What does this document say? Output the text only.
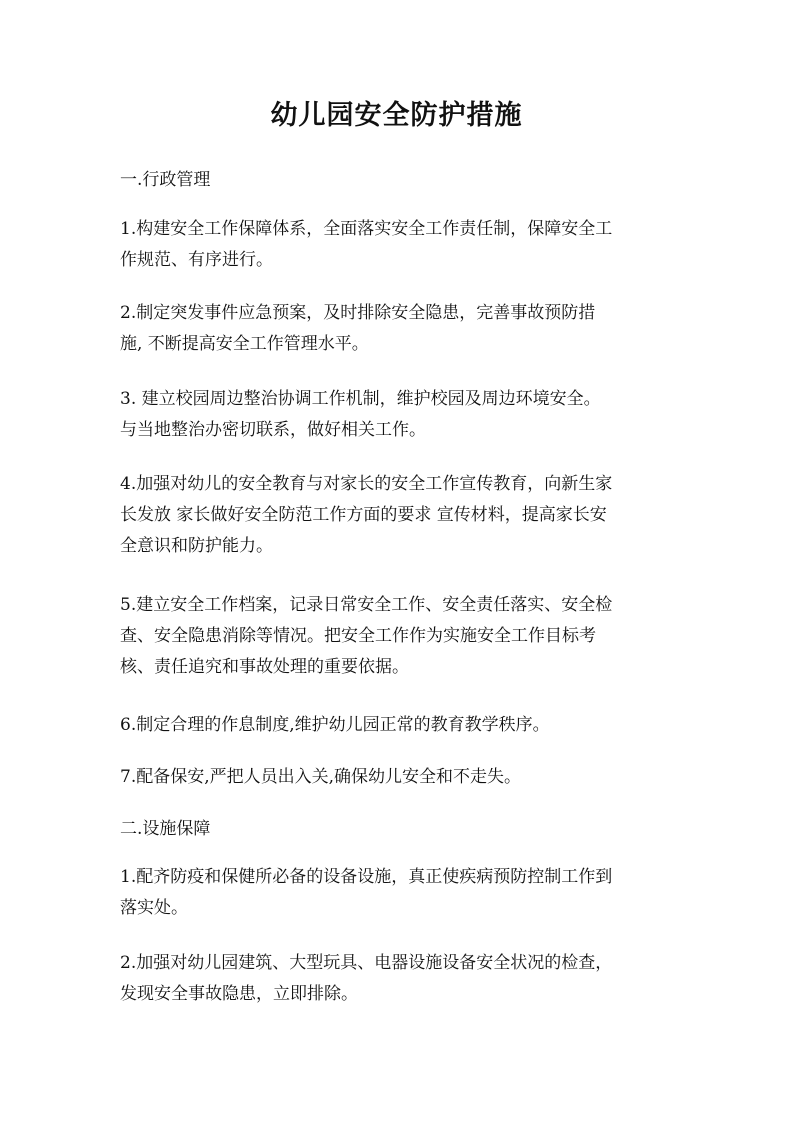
幼儿园安全防护措施
一.行政管理
1.构建安全工作保障体系，全面落实安全工作责任制，保障安全工
作规范、有序进行。
2.制定突发事件应急预案，及时排除安全隐患，完善事故预防措
施, 不断提高安全工作管理水平。
3. 建立校园周边整治协调工作机制，维护校园及周边环境安全。
与当地整治办密切联系，做好相关工作。
4.加强对幼儿的安全教育与对家长的安全工作宣传教育，向新生家
长发放 家长做好安全防范工作方面的要求 宣传材料，提高家长安
全意识和防护能力。
5.建立安全工作档案，记录日常安全工作、安全责任落实、安全检
查、安全隐患消除等情况。把安全工作作为实施安全工作目标考
核、责任追究和事故处理的重要依据。
6.制定合理的作息制度,维护幼儿园正常的教育教学秩序。
7.配备保安,严把人员出入关,确保幼儿安全和不走失。
二.设施保障
1.配齐防疫和保健所必备的设备设施，真正使疾病预防控制工作到
落实处。
2.加强对幼儿园建筑、大型玩具、电器设施设备安全状况的检查，
发现安全事故隐患，立即排除。
